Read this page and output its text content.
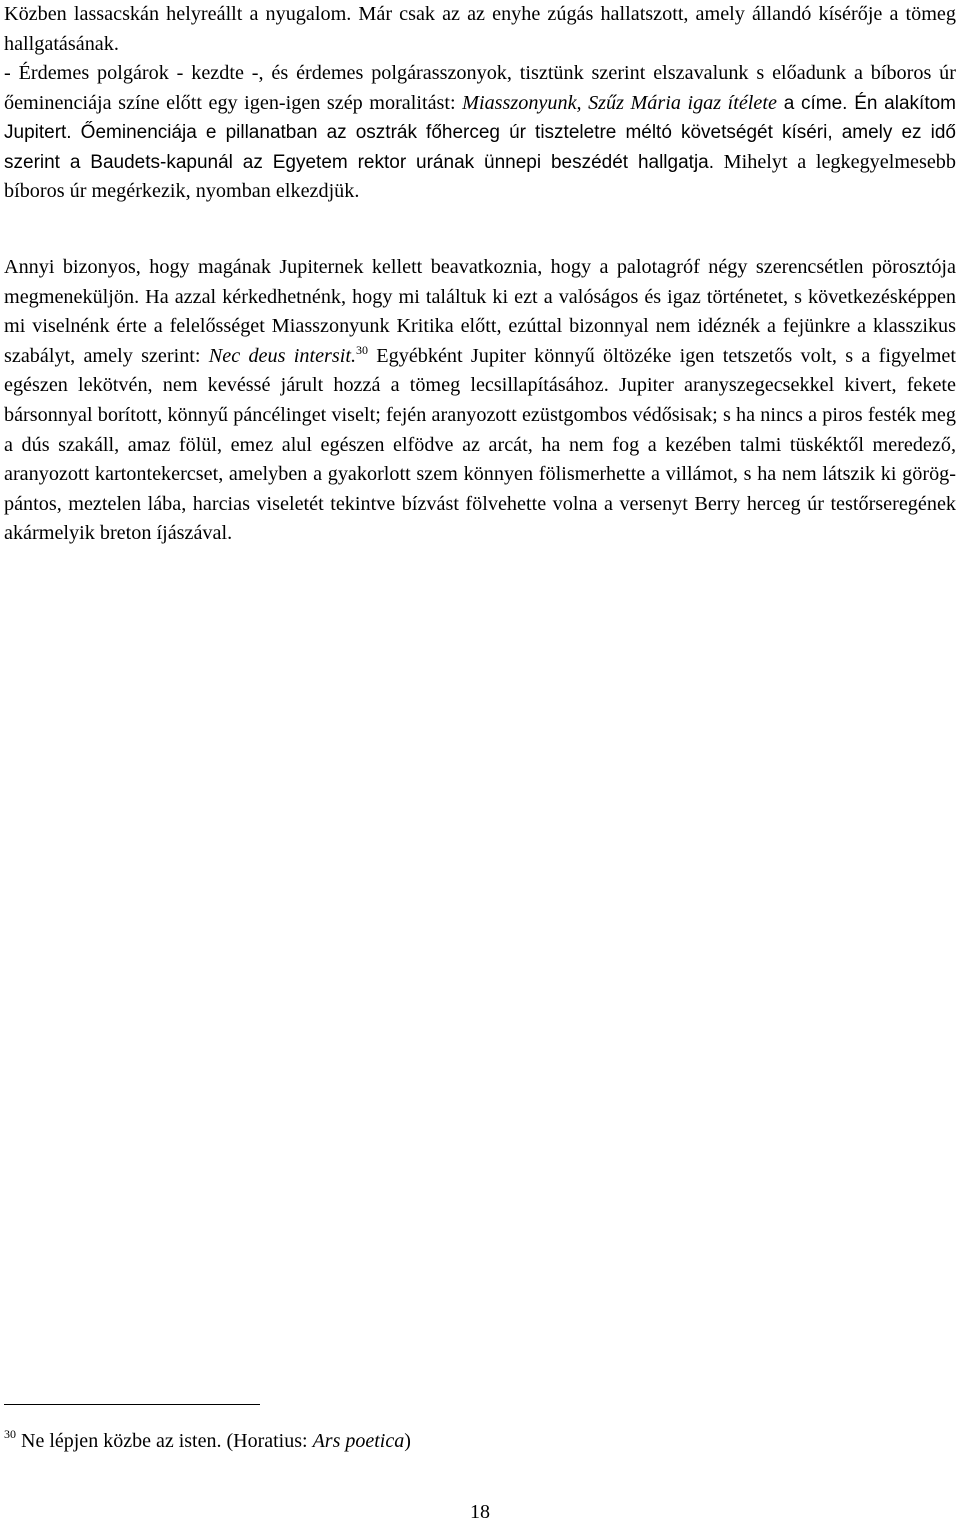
Közben lassacskán helyreállt a nyugalom. Már csak az az enyhe zúgás hallatszott, amely állandó kísérője a tömeg hallgatásának.

- Érdemes polgárok - kezdte -, és érdemes polgárasszonyok, tisztünk szerint elszavalunk s előadunk a bíboros úr őeminenciája színe előtt egy igen-igen szép moralitást: Miasszonyunk, Szűz Mária igaz ítélete a címe. Én alakítom Jupitert. Őeminenciája e pillanatban az osztrák főherceg úr tiszteletre méltó követségét kíséri, amely ez idő szerint a Baudets-kapunál az Egyetem rektor urának ünnepi beszédét hallgatja. Mihelyt a legkegyelmesebb bíboros úr megérkezik, nyomban elkezdjük.

Annyi bizonyos, hogy magának Jupiternek kellett beavatkoznia, hogy a palotagróf négy szerencsétlen pörosztója megmeneküljön. Ha azzal kérkedhetnénk, hogy mi találtuk ki ezt a valóságos és igaz történetet, s következésképpen mi viselnénk érte a felelősséget Miasszonyunk Kritika előtt, ezúttal bizonnyal nem idéznék a fejünkre a klasszikus szabályt, amely szerint: Nec deus intersit.$^{30}$ Egyébként Jupiter könnyű öltözéke igen tetszetős volt, s a figyelmet egészen lekötvén, nem kevéssé járult hozzá a tömeg lecsillapításához. Jupiter aranyszegecsekkel kivert, fekete bársonnyal borított, könnyű páncélinget viselt; fején aranyozott ezüstgombos védősisak; s ha nincs a piros festék meg a dús szakáll, amaz fölül, emez alul egészen elfödve az arcát, ha nem fog a kezében talmi tüskéktől meredező, aranyozott kartontekercset, amelyben a gyakorlott szem könnyen fölismerhette a villámot, s ha nem látszik ki görögpántos, meztelen lába, harcias viseletét tekintve bízvást fölvehette volna a versenyt Berry herceg úr testőrseregének akármelyik breton íjászával.

$^{30}$ Ne lépjen közbe az isten. (Horatius: Ars poetica)

18
